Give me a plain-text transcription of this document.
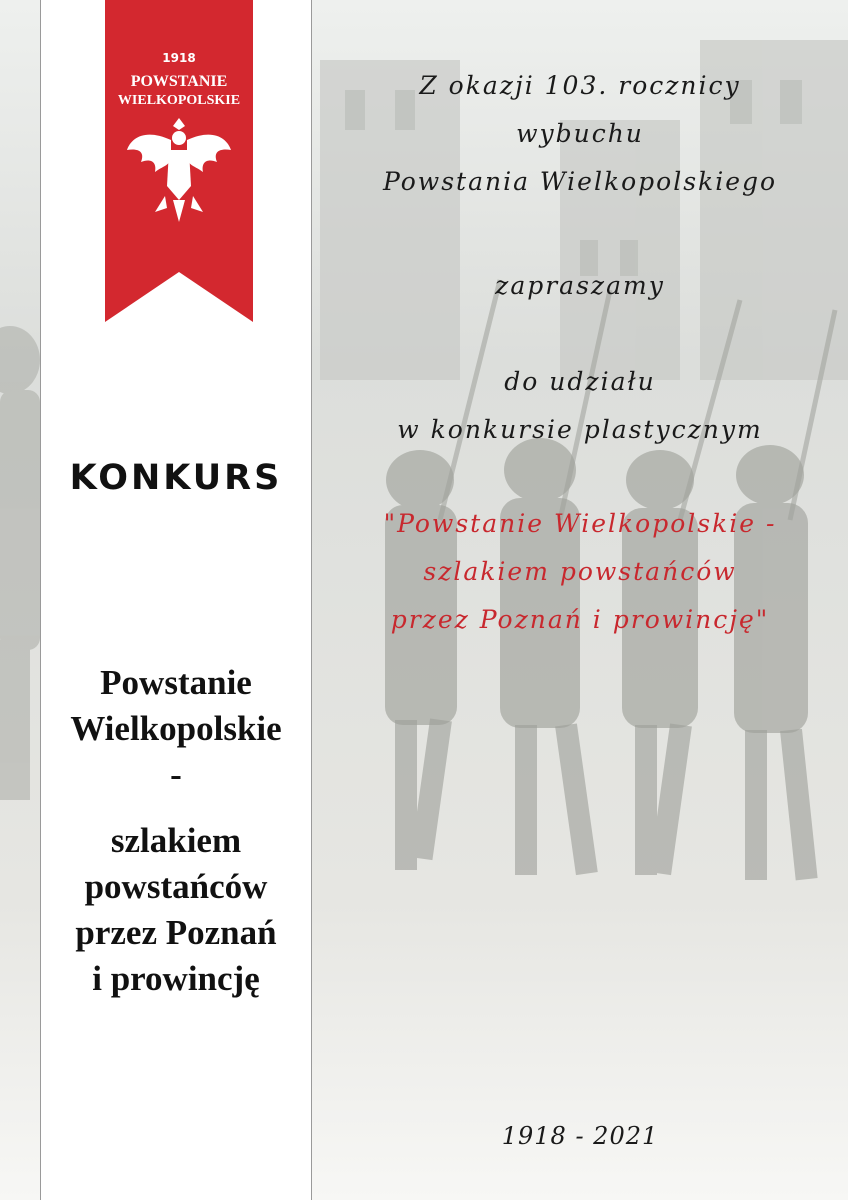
1918
POWSTANIE
WIELKOPOLSKIE
KONKURS
Powstanie
Wielkopolskie
-
szlakiem
powstańców
przez Poznań
i prowincję
Z okazji 103. rocznicy
wybuchu
Powstania Wielkopolskiego
zapraszamy
do udziału
w konkursie plastycznym
"Powstanie Wielkopolskie -
szlakiem powstańców
przez Poznań i prowincję"
1918 - 2021
